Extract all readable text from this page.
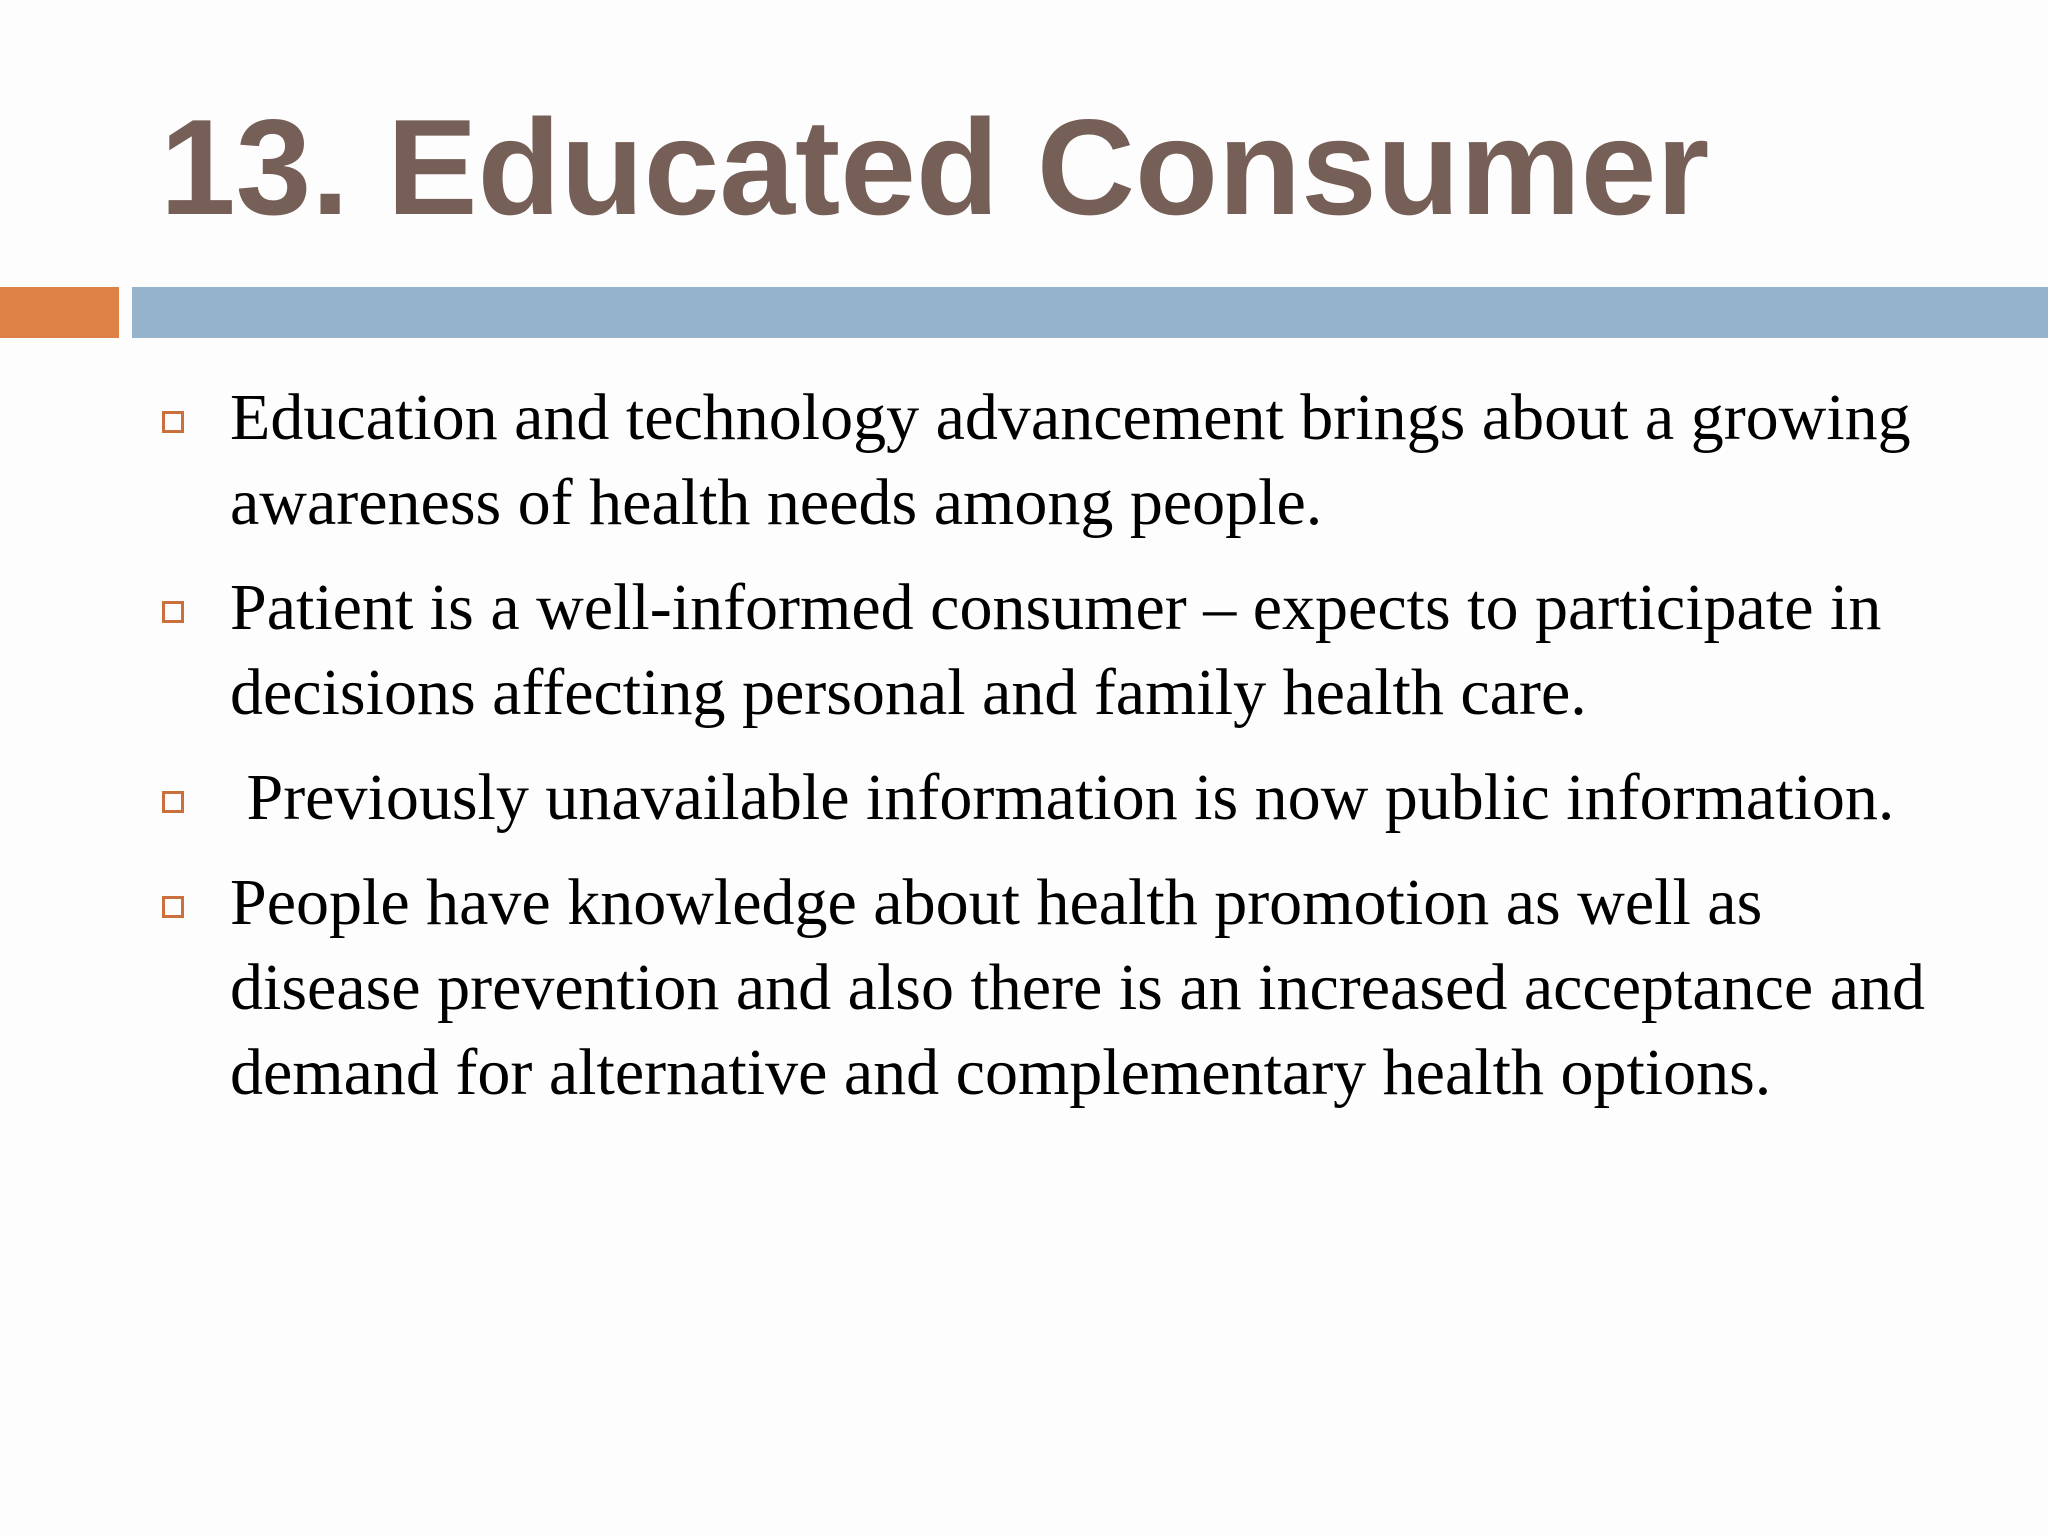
13. Educated Consumer
Education and technology advancement brings about a growing awareness of health needs among people.
Patient is a well-informed consumer – expects to participate in decisions affecting personal and family health care.
Previously unavailable information is now public information.
People have knowledge about health promotion as well as disease prevention and also there is an increased acceptance and demand for alternative and complementary health options.
